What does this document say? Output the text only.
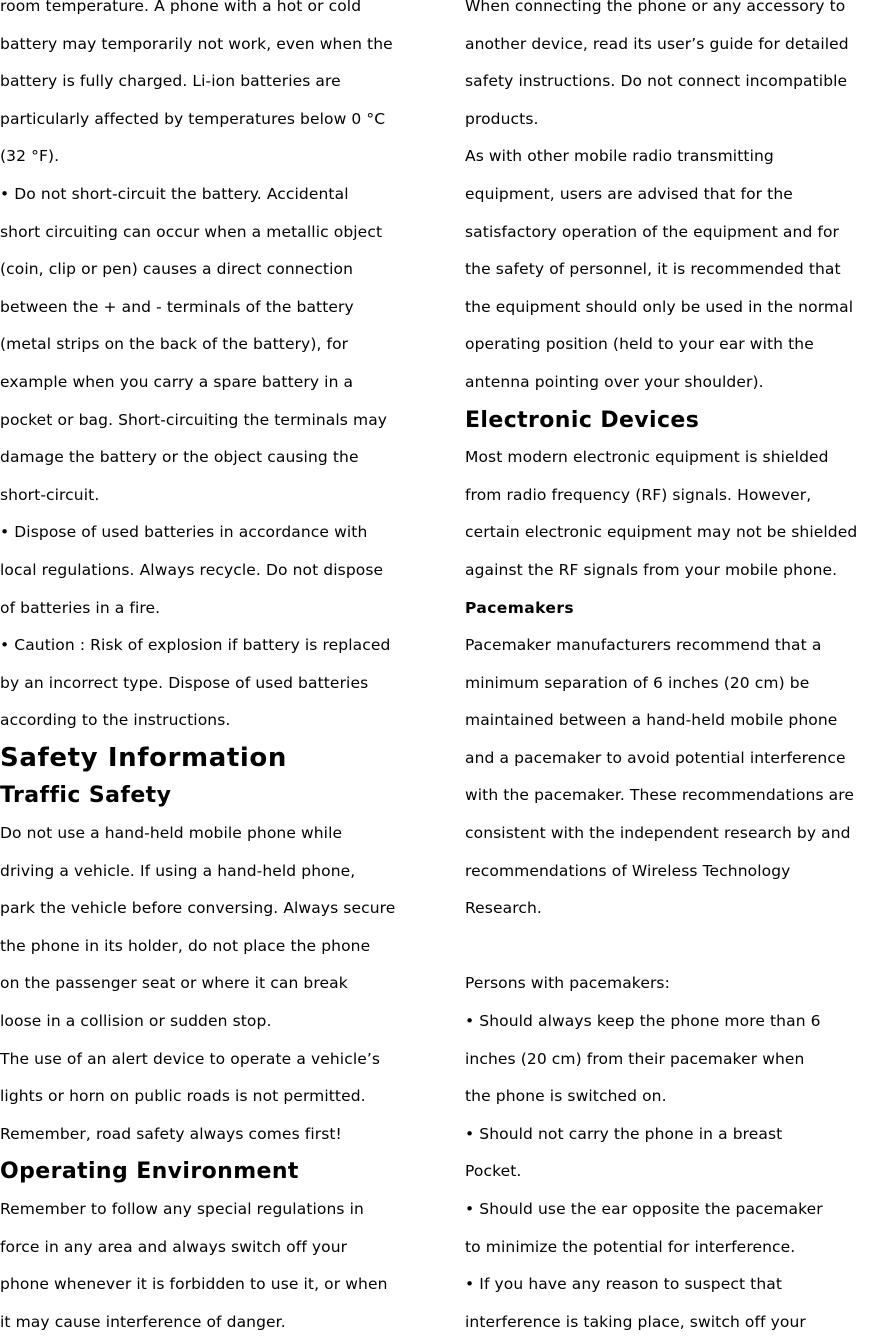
room temperature. A phone with a hot or cold
battery may temporarily not work, even when the
battery is fully charged. Li-ion batteries are
particularly affected by temperatures below 0 °C
(32 °F).
• Do not short-circuit the battery. Accidental
short circuiting can occur when a metallic object
(coin, clip or pen) causes a direct connection
between the + and - terminals of the battery
(metal strips on the back of the battery), for
example when you carry a spare battery in a
pocket or bag. Short-circuiting the terminals may
damage the battery or the object causing the
short-circuit.
• Dispose of used batteries in accordance with
local regulations. Always recycle. Do not dispose
of batteries in a fire.
• Caution : Risk of explosion if battery is replaced
by an incorrect type. Dispose of used batteries
according to the instructions.
Safety Information
Traffic Safety
Do not use a hand-held mobile phone while
driving a vehicle. If using a hand-held phone,
park the vehicle before conversing. Always secure
the phone in its holder, do not place the phone
on the passenger seat or where it can break
loose in a collision or sudden stop.
The use of an alert device to operate a vehicle’s
lights or horn on public roads is not permitted.
Remember, road safety always comes first!
Operating Environment
Remember to follow any special regulations in
force in any area and always switch off your
phone whenever it is forbidden to use it, or when
it may cause interference of danger.
When connecting the phone or any accessory to
another device, read its user’s guide for detailed
safety instructions. Do not connect incompatible
products.
As with other mobile radio transmitting
equipment, users are advised that for the
satisfactory operation of the equipment and for
the safety of personnel, it is recommended that
the equipment should only be used in the normal
operating position (held to your ear with the
antenna pointing over your shoulder).
Electronic Devices
Most modern electronic equipment is shielded
from radio frequency (RF) signals. However,
certain electronic equipment may not be shielded
against the RF signals from your mobile phone.
Pacemakers
Pacemaker manufacturers recommend that a
minimum separation of 6 inches (20 cm) be
maintained between a hand-held mobile phone
and a pacemaker to avoid potential interference
with the pacemaker. These recommendations are
consistent with the independent research by and
recommendations of Wireless Technology
Research.
Persons with pacemakers:
• Should always keep the phone more than 6
inches (20 cm) from their pacemaker when
the phone is switched on.
• Should not carry the phone in a breast
Pocket.
• Should use the ear opposite the pacemaker
to minimize the potential for interference.
• If you have any reason to suspect that
interference is taking place, switch off your
